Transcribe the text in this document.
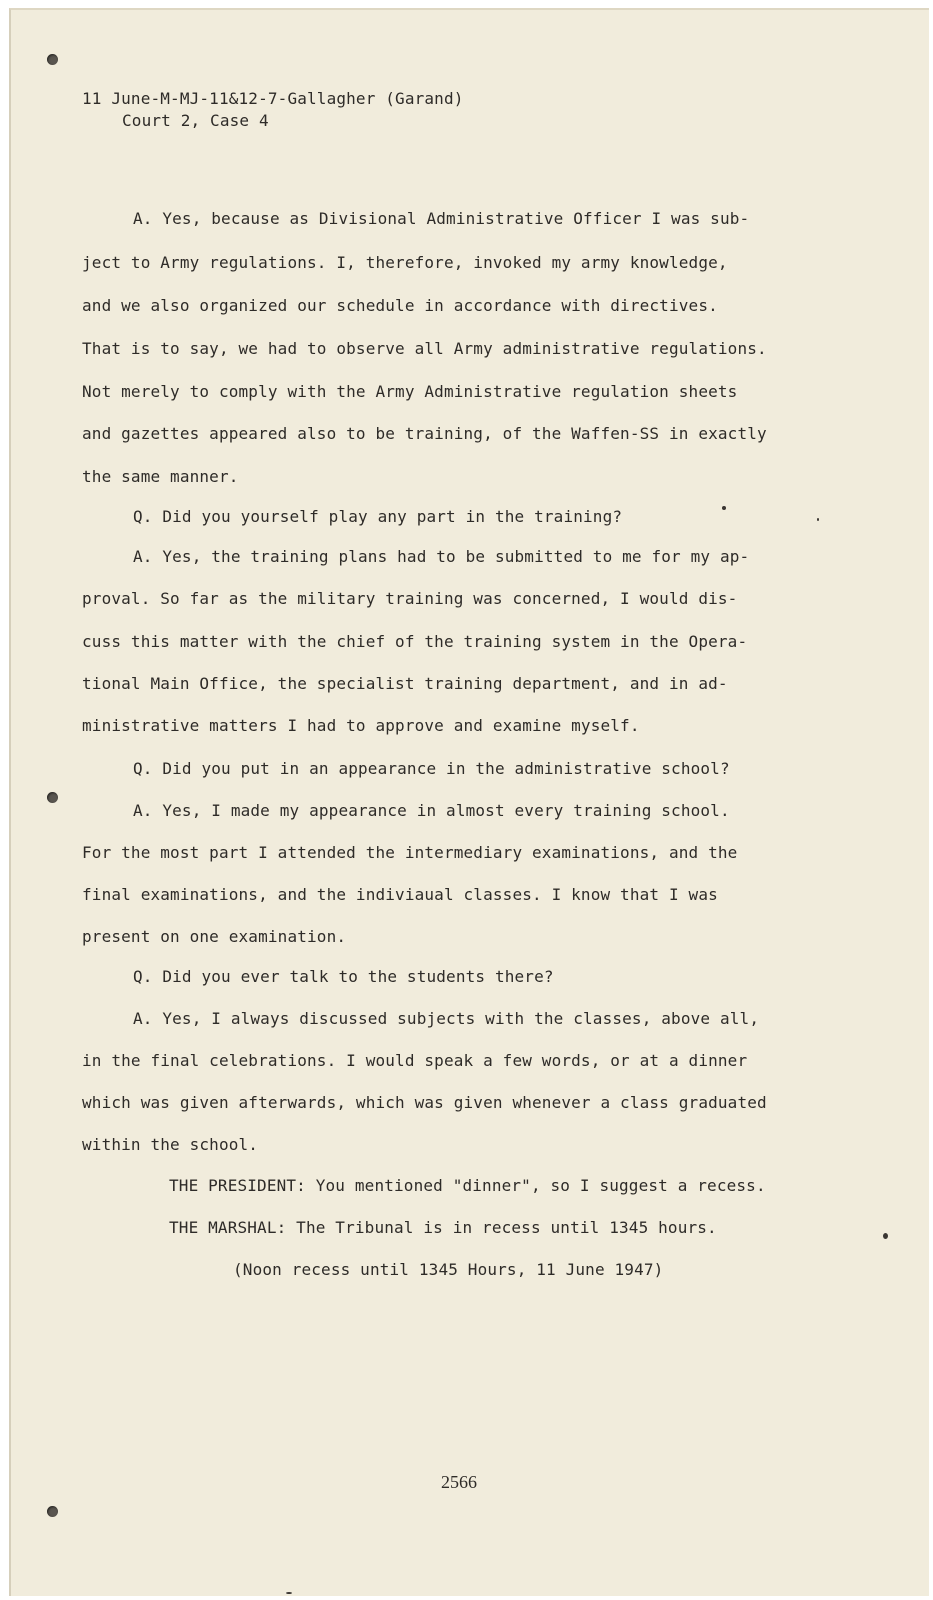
11 June-M-MJ-11&12-7-Gallagher (Garand)
Court 2, Case 4
A. Yes, because as Divisional Administrative Officer I was sub-
ject to Army regulations. I, therefore, invoked my army knowledge,
and we also organized our schedule in accordance with directives.
That is to say, we had to observe all Army administrative regulations.
Not merely to comply with the Army Administrative regulation sheets
and gazettes appeared also to be training, of the Waffen-SS in exactly
the same manner.
Q. Did you yourself play any part in the training?
A. Yes, the training plans had to be submitted to me for my ap-
proval. So far as the military training was concerned, I would dis-
cuss this matter with the chief of the training system in the Opera-
tional Main Office, the specialist training department, and in ad-
ministrative matters I had to approve and examine myself.
Q. Did you put in an appearance in the administrative school?
A. Yes, I made my appearance in almost every training school.
For the most part I attended the intermediary examinations, and the
final examinations, and the indiviaual classes. I know that I was
present on one examination.
Q. Did you ever talk to the students there?
A. Yes, I always discussed subjects with the classes, above all,
in the final celebrations. I would speak a few words, or at a dinner
which was given afterwards, which was given whenever a class graduated
within the school.
THE PRESIDENT: You mentioned "dinner", so I suggest a recess.
THE MARSHAL: The Tribunal is in recess until 1345 hours.
(Noon recess until 1345 Hours, 11 June 1947)
2566
